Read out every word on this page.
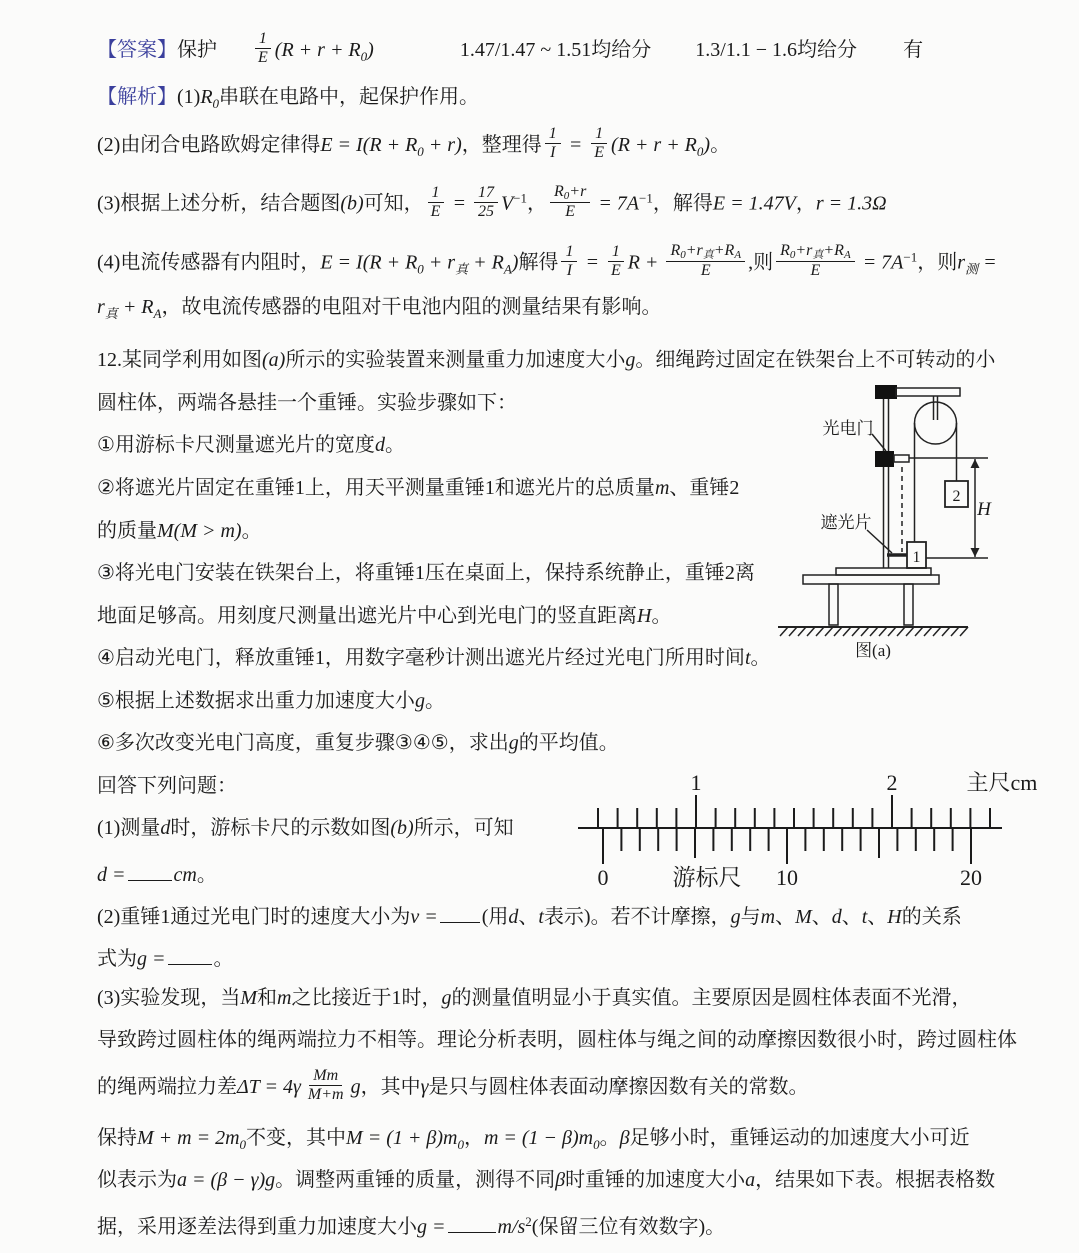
【答案】保护 $\frac{1}{E} (R + r + R_0)$	1.47/1.47 ~ 1.51均给分 1.3/1.1 − 1.6均给分 有
【解析】$(1)R_0$串联在电路中，起保护作用。
(2)由闭合电路欧姆定律得$E = I(R + R_0 + r)$，整理得 $\frac{1}{I} = \frac{1}{E} (R + r + R_0)$。
(3)根据上述分析，结合题图(b)可知， $\frac{1}{E} = \frac{17}{25} V^{-1}$， $\frac{R_0+r}{E} = 7A^{-1}$，解得E = 1.47V，r = 1.3Ω
(4)电流传感器有内阻时，$E = I(R + R_0 + r_真 + R_A)$解得 $\frac{1}{I} = \frac{1}{E}$ $R + \frac{R_0+r_真+R_A}{E}$ ,则 $\frac{R_0+r_真+R_A}{E} = 7A^{-1}$，则$r_测$ =
$r_真 + R_A$，故电流传感器的电阻对干电池内阻的测量结果有影响。
12.某同学利用如图(a)所示的实验装置来测量重力加速度大小g。细绳跨过固定在铁架台上不可转动的小
圆柱体，两端各悬挂一个重锤。实验步骤如下：
①用游标卡尺测量遮光片的宽度d。
②将遮光片固定在重锤1上，用天平测量重锤1和遮光片的总质量m、重锤2
的质量M(M > m)。
③将光电门安装在铁架台上，将重锤1压在桌面上，保持系统静止，重锤2离
地面足够高。用刻度尺测量出遮光片中心到光电门的竖直距离H。
④启动光电门，释放重锤1，用数字毫秒计测出遮光片经过光电门所用时间t。
⑤根据上述数据求出重力加速度大小g。
⑥多次改变光电门高度，重复步骤③④⑤，求出g的平均值。
回答下列问题：
(1)测量d时，游标卡尺的示数如图(b)所示，可知
d = cm。
(2)重锤1通过光电门时的速度大小为v = (用d、t表示)。若不计摩擦，g与m、M、d、t、H的关系
式为g = 。
(3)实验发现，当M和m之比接近于1时，g的测量值明显小于真实值。主要原因是圆柱体表面不光滑，
导致跨过圆柱体的绳两端拉力不相等。理论分析表明，圆柱体与绳之间的动摩擦因数很小时，跨过圆柱体
的绳两端拉力差$\Delta T = 4\gamma \frac{Mm}{M+m}$ g，其中γ是只与圆柱体表面动摩擦因数有关的常数。
保持$M + m = 2m_0$不变，其中$M = (1 + \beta)m_0$，$m = (1 - \beta)m_0$。β足够小时，重锤运动的加速度大小可近
似表示为a = (β − γ)g。调整两重锤的质量，测得不同β时重锤的加速度大小a，结果如下表。根据表格数
据，采用逐差法得到重力加速度大小g =	$m/s^2$(保留三位有效数字)。
光电门
遮光片
1
2
H
图(a)
1	2	主尺cm
0	10	20
游标尺
